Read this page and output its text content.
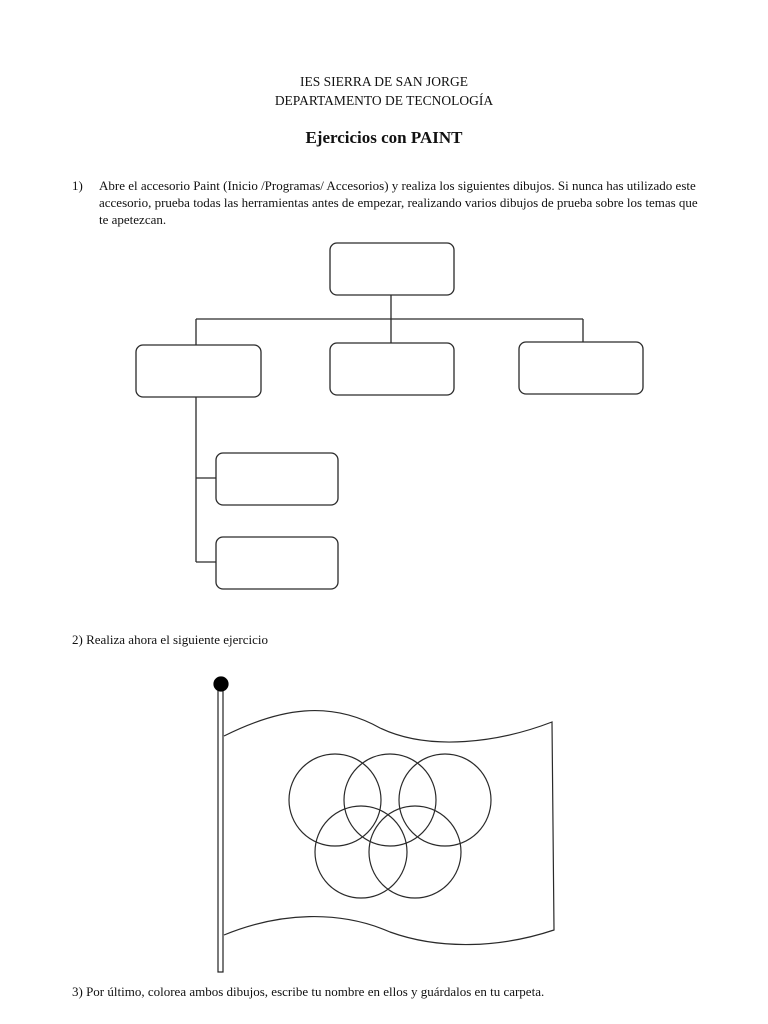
IES SIERRA DE SAN JORGE
DEPARTAMENTO DE TECNOLOGÍA
Ejercicios con PAINT
1) Abre el accesorio Paint (Inicio /Programas/ Accesorios) y realiza los siguientes dibujos. Si nunca has utilizado este accesorio, prueba todas las herramientas antes de empezar, realizando varios dibujos de prueba sobre los temas que te apetezcan.
2) Realiza ahora el siguiente ejercicio
3) Por último, colorea ambos dibujos, escribe tu nombre en ellos y guárdalos en tu carpeta.
